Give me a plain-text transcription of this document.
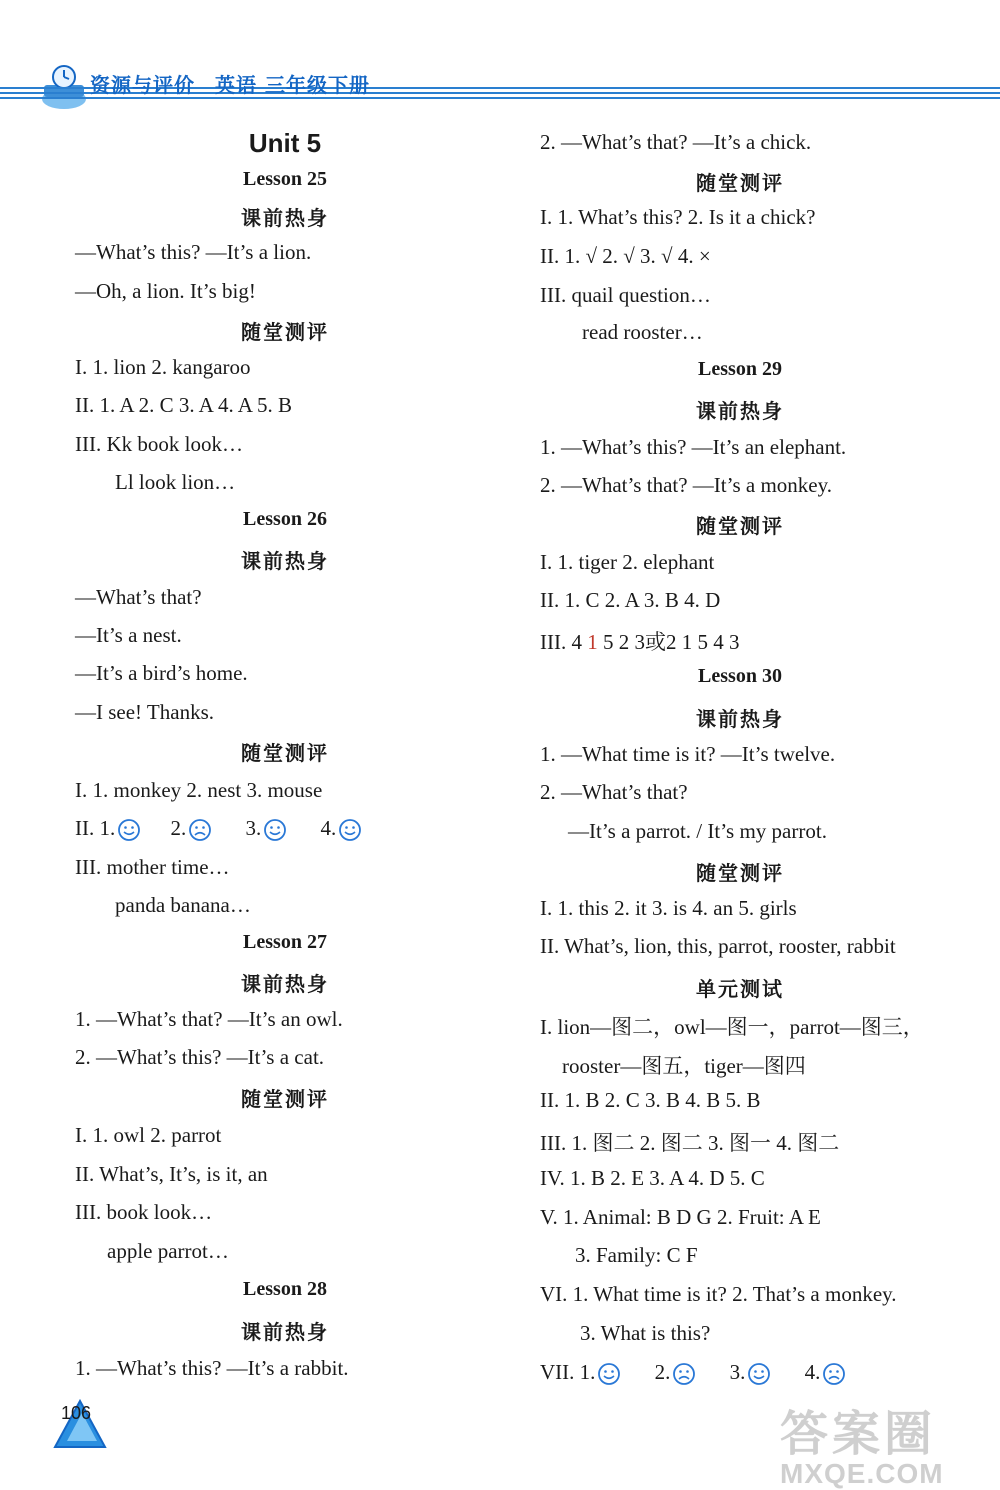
资源与评价 英语 三年级下册
Unit 5
Lesson 25
课前热身
—What’s this? —It’s a lion.
—Oh, a lion. It’s big!
随堂测评
I. 1. lion 2. kangaroo
II. 1. A 2. C 3. A 4. A 5. B
III. Kk book look…
Ll look lion…
Lesson 26
课前热身
—What’s that?
—It’s a nest.
—It’s a bird’s home.
—I see! Thanks.
随堂测评
I. 1. monkey 2. nest 3. mouse
II. 1.	2.	3.	4.
III. mother time…
panda banana…
Lesson 27
课前热身
1. —What’s that? —It’s an owl.
2. —What’s this? —It’s a cat.
随堂测评
I. 1. owl 2. parrot
II. What’s, It’s, is it, an
III. book look…
apple parrot…
Lesson 28
课前热身
1. —What’s this? —It’s a rabbit.
2. —What’s that? —It’s a chick.
随堂测评
I. 1. What’s this? 2. Is it a chick?
II. 1. √ 2. √ 3. √ 4. ×
III. quail question…
read rooster…
Lesson 29
课前热身
1. —What’s this? —It’s an elephant.
2. —What’s that? —It’s a monkey.
随堂测评
I. 1. tiger 2. elephant
II. 1. C 2. A 3. B 4. D
III. 4 1 5 2 3或2 1 5 4 3
Lesson 30
课前热身
1. —What time is it? —It’s twelve.
2. —What’s that?
—It’s a parrot. / It’s my parrot.
随堂测评
I. 1. this 2. it 3. is 4. an 5. girls
II. What’s, lion, this, parrot, rooster, rabbit
单元测试
I. lion—图二，owl—图一，parrot—图三，
rooster—图五，tiger—图四
II. 1. B 2. C 3. B 4. B 5. B
III. 1. 图二 2. 图二 3. 图一 4. 图二
IV. 1. B 2. E 3. A 4. D 5. C
V. 1. Animal: B D G 2. Fruit: A E
3. Family: C F
VI. 1. What time is it? 2. That’s a monkey.
3. What is this?
VII. 1.	2.	3.	4.
106	答案圈
MXQE.COM
